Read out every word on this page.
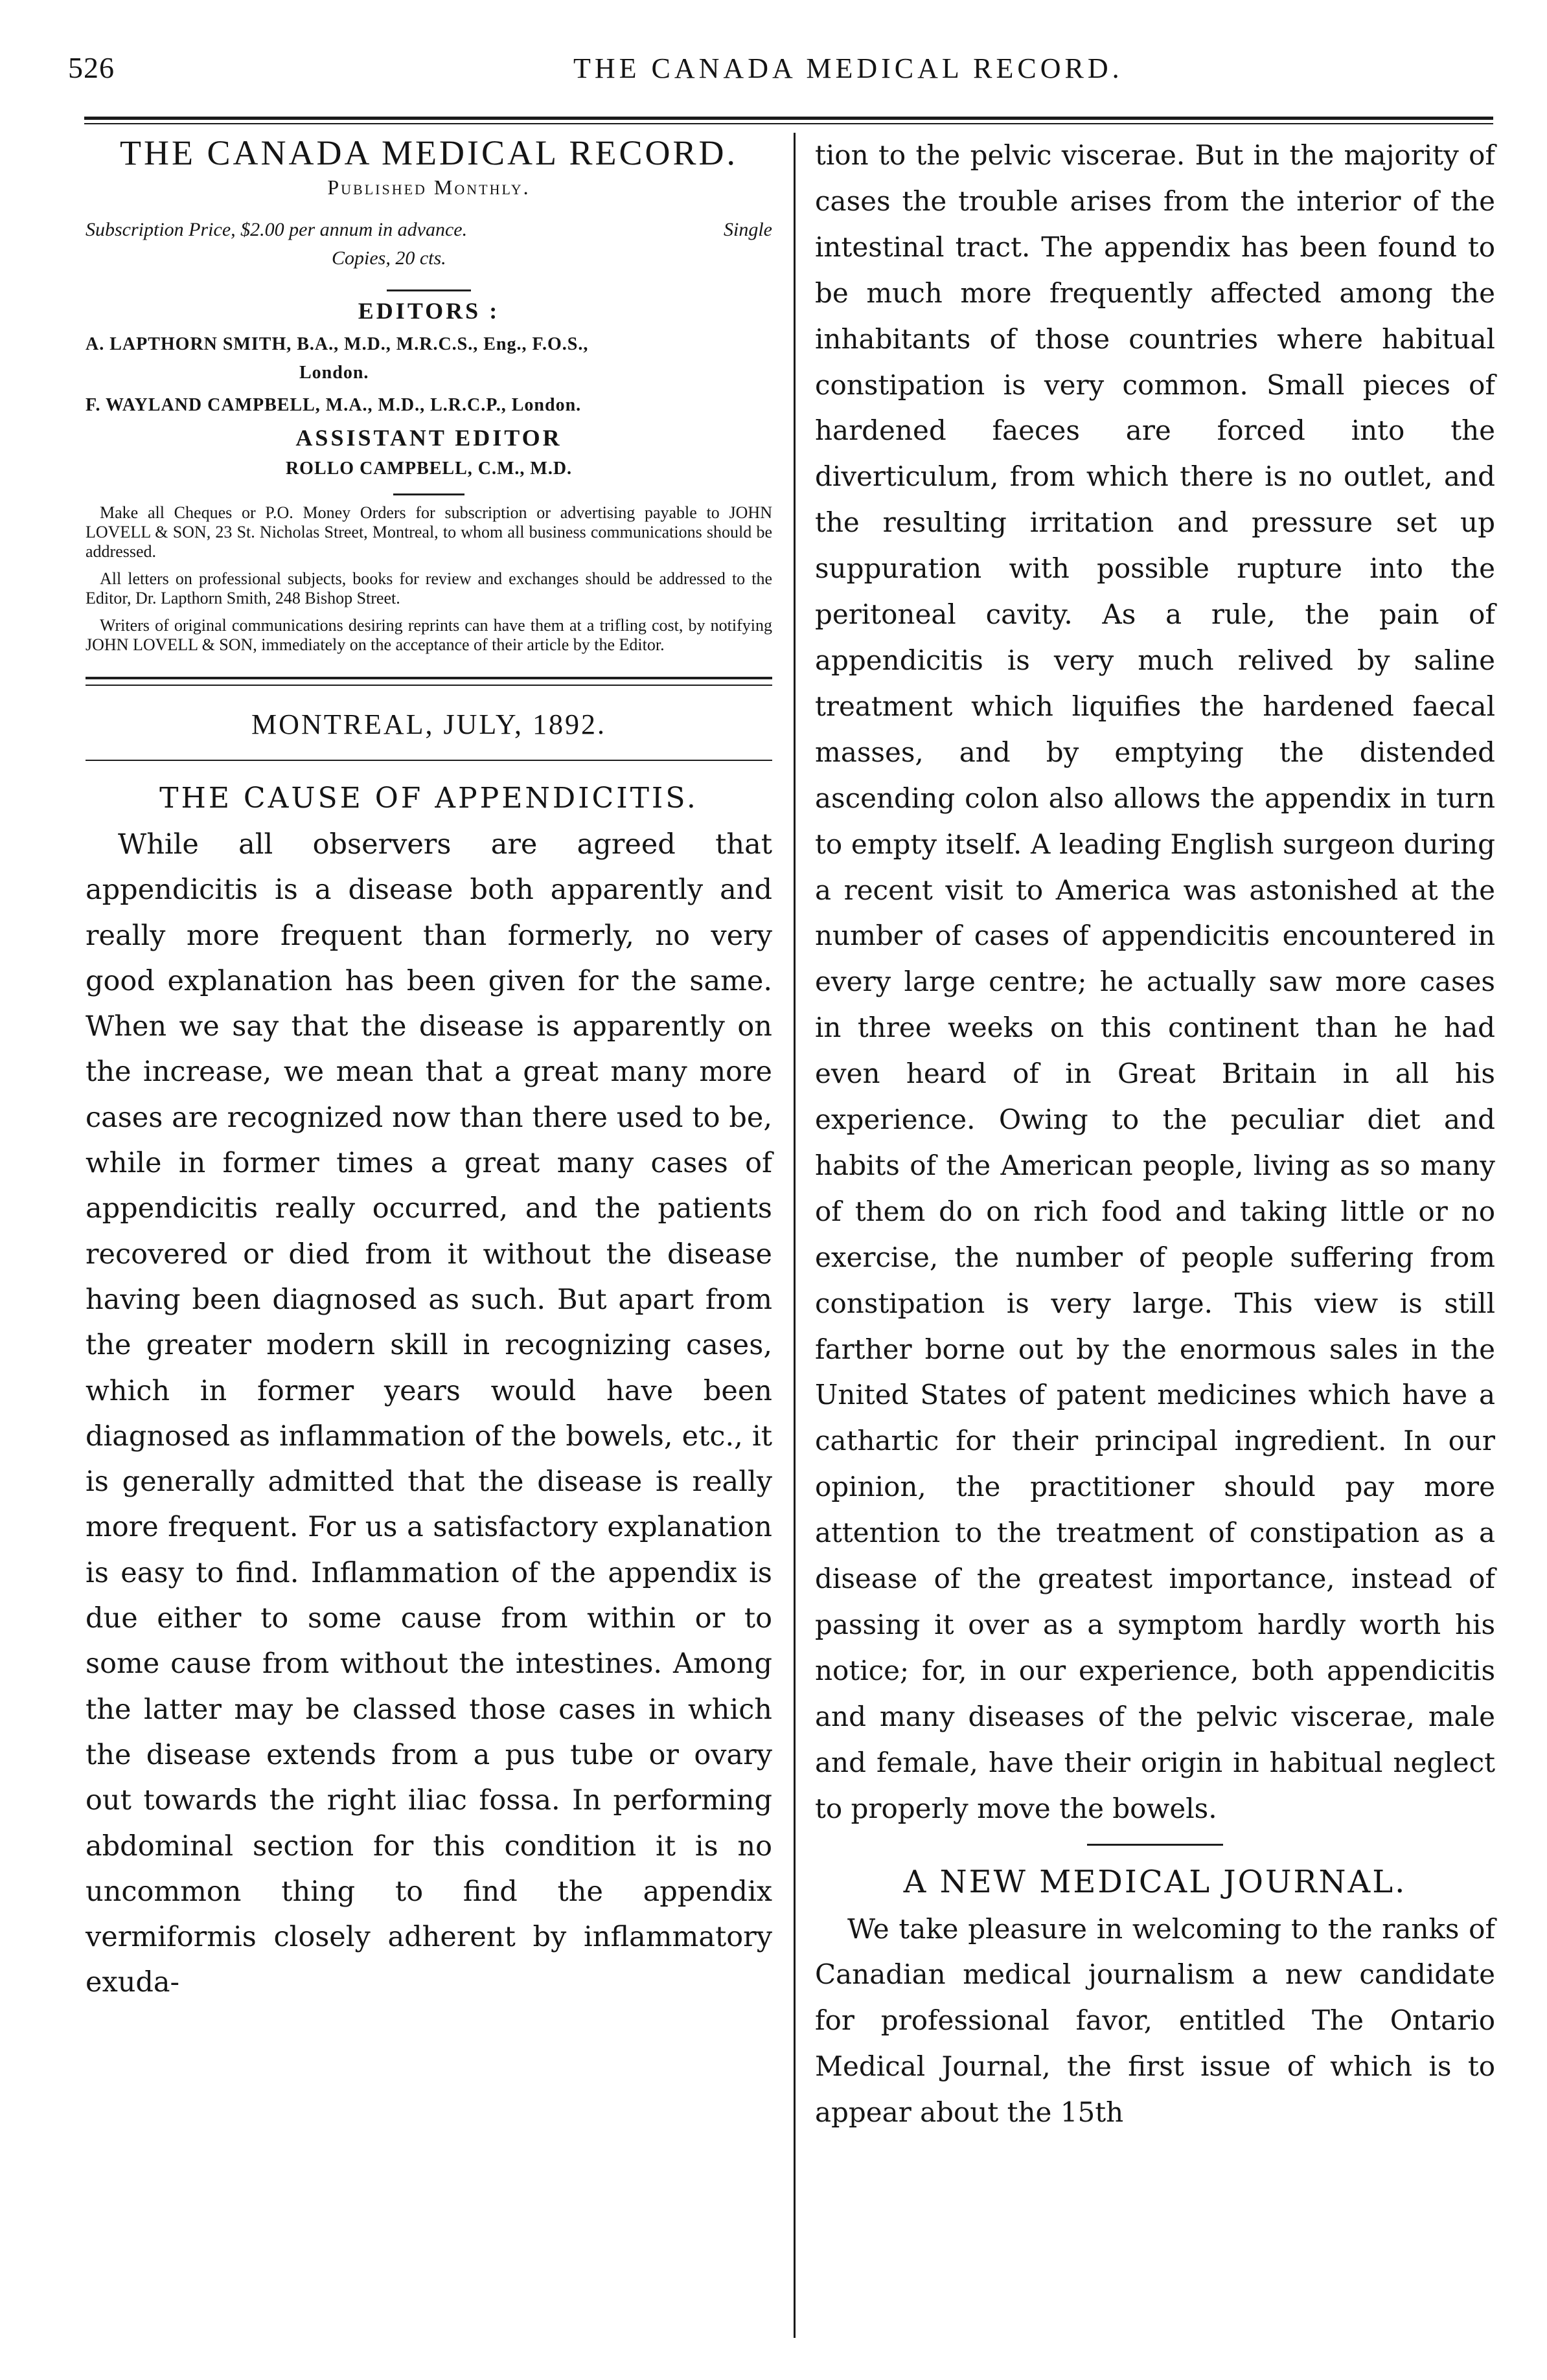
526	THE CANADA MEDICAL RECORD.
THE CANADA MEDICAL RECORD.
Published Monthly.
Subscription Price, $2.00 per annum in advance.	Single
Copies, 20 cts.
EDITORS :
A. LAPTHORN SMITH, B.A., M.D., M.R.C.S., Eng., F.O.S.,
London.
F. WAYLAND CAMPBELL, M.A., M.D., L.R.C.P., London.
ASSISTANT EDITOR
ROLLO CAMPBELL, C.M., M.D.
Make all Cheques or P.O. Money Orders for subscription or advertising payable to JOHN LOVELL & SON, 23 St. Nicholas Street, Montreal, to whom all business communications should be addressed.
All letters on professional subjects, books for review and exchanges should be addressed to the Editor, Dr. Lapthorn Smith, 248 Bishop Street.
Writers of original communications desiring reprints can have them at a trifling cost, by notifying JOHN LOVELL & SON, immediately on the acceptance of their article by the Editor.
MONTREAL, JULY, 1892.
THE CAUSE OF APPENDICITIS.

While all observers are agreed that appendicitis is a disease both apparently and really more frequent than formerly, no very good explanation has been given for the same. When we say that the disease is apparently on the increase, we mean that a great many more cases are recognized now than there used to be, while in former times a great many cases of appendicitis really occurred, and the patients recovered or died from it without the disease having been diagnosed as such. But apart from the greater modern skill in recognizing cases, which in former years would have been diagnosed as inflammation of the bowels, etc., it is generally admitted that the disease is really more frequent. For us a satisfactory explanation is easy to find. Inflammation of the appendix is due either to some cause from within or to some cause from without the intestines. Among the latter may be classed those cases in which the disease extends from a pus tube or ovary out towards the right iliac fossa. In performing abdominal section for this condition it is no uncommon thing to find the appendix vermiformis closely adherent by inflammatory exuda-

tion to the pelvic viscerae. But in the majority of cases the trouble arises from the interior of the intestinal tract. The appendix has been found to be much more frequently affected among the inhabitants of those countries where habitual constipation is very common. Small pieces of hardened faeces are forced into the diverticulum, from which there is no outlet, and the resulting irritation and pressure set up suppuration with possible rupture into the peritoneal cavity. As a rule, the pain of appendicitis is very much relived by saline treatment which liquifies the hardened faecal masses, and by emptying the distended ascending colon also allows the appendix in turn to empty itself. A leading English surgeon during a recent visit to America was astonished at the number of cases of appendicitis encountered in every large centre; he actually saw more cases in three weeks on this continent than he had even heard of in Great Britain in all his experience. Owing to the peculiar diet and habits of the American people, living as so many of them do on rich food and taking little or no exercise, the number of people suffering from constipation is very large. This view is still farther borne out by the enormous sales in the United States of patent medicines which have a cathartic for their principal ingredient. In our opinion, the practitioner should pay more attention to the treatment of constipation as a disease of the greatest importance, instead of passing it over as a symptom hardly worth his notice; for, in our experience, both appendicitis and many diseases of the pelvic viscerae, male and female, have their origin in habitual neglect to properly move the bowels.

A NEW MEDICAL JOURNAL.

We take pleasure in welcoming to the ranks of Canadian medical journalism a new candidate for professional favor, entitled The Ontario Medical Journal, the first issue of which is to appear about the 15th
